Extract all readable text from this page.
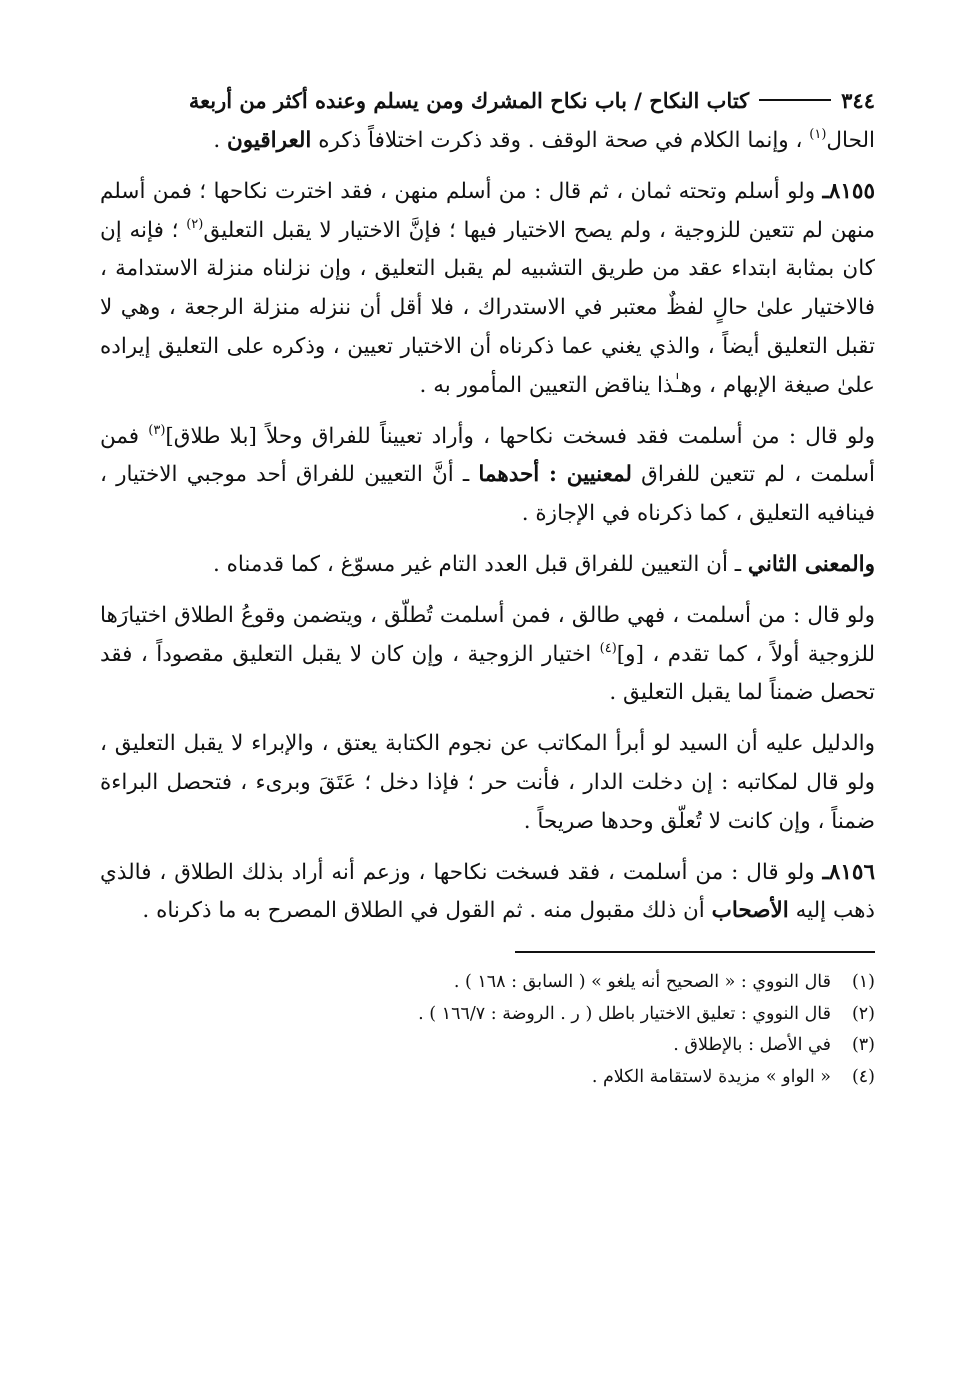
٣٤٤
كتاب النكاح / باب نكاح المشرك ومن يسلم وعنده أكثر من أربعة

الحال$^{(١)}$ ، وإنما الكلام في صحة الوقف . وقد ذكرت اختلافاً ذكره العراقيون .

٨١٥٥ـ ولو أسلم وتحته ثمان ، ثم قال : من أسلم منهن ، فقد اخترت نكاحها ؛ فمن أسلم منهن لم تتعين للزوجية ، ولم يصح الاختيار فيها ؛ فإنَّ الاختيار لا يقبل التعليق$^{(٢)}$ ؛ فإنه إن كان بمثابة ابتداء عقد من طريق التشبيه لم يقبل التعليق ، وإن نزلناه منزلة الاستدامة ، فالاختيار علىٰ حالٍ لفظٌ معتبر في الاستدراك ، فلا أقل أن ننزله منزلة الرجعة ، وهي لا تقبل التعليق أيضاً ، والذي يغني عما ذكرناه أن الاختيار تعيين ، وذكره على التعليق إيراده علىٰ صيغة الإبهام ، وهـٰذا يناقض التعيين المأمور به .

ولو قال : من أسلمت فقد فسخت نكاحها ، وأراد تعييناً للفراق وحلاً [بلا طلاق]$^{(٣)}$ فمن أسلمت ، لم تتعين للفراق لمعنيين : أحدهما ـ أنَّ التعيين للفراق أحد موجبي الاختيار ، فينافيه التعليق ، كما ذكرناه في الإجازة .

والمعنى الثاني ـ أن التعيين للفراق قبل العدد التام غير مسوّغ ، كما قدمناه .

ولو قال : من أسلمت ، فهي طالق ، فمن أسلمت تُطلّق ، ويتضمن وقوعُ الطلاق اختيارَها للزوجية أولاً ، كما تقدم ، [و]$^{(٤)}$ اختيار الزوجية ، وإن كان لا يقبل التعليق مقصوداً ، فقد تحصل ضمناً لما يقبل التعليق .

والدليل عليه أن السيد لو أبرأ المكاتب عن نجوم الكتابة يعتق ، والإبراء لا يقبل التعليق ، ولو قال لمكاتبه : إن دخلت الدار ، فأنت حر ؛ فإذا دخل ؛ عَتَقَ وبرىء ، فتحصل البراءة ضمناً ، وإن كانت لا تُعلّق وحدها صريحاً .

٨١٥٦ـ ولو قال : من أسلمت ، فقد فسخت نكاحها ، وزعم أنه أراد بذلك الطلاق ، فالذي ذهب إليه الأصحاب أن ذلك مقبول منه . ثم القول في الطلاق المصرح به ما ذكرناه .

(١)
قال النووي : « الصحيح أنه يلغو » ( السابق : ١٦٨ ) .
(٢)
قال النووي : تعليق الاختيار باطل ( ر . الروضة : ١٦٦/٧ ) .
(٣)
في الأصل : بالإطلاق .
(٤)
« الواو » مزيدة لاستقامة الكلام .
